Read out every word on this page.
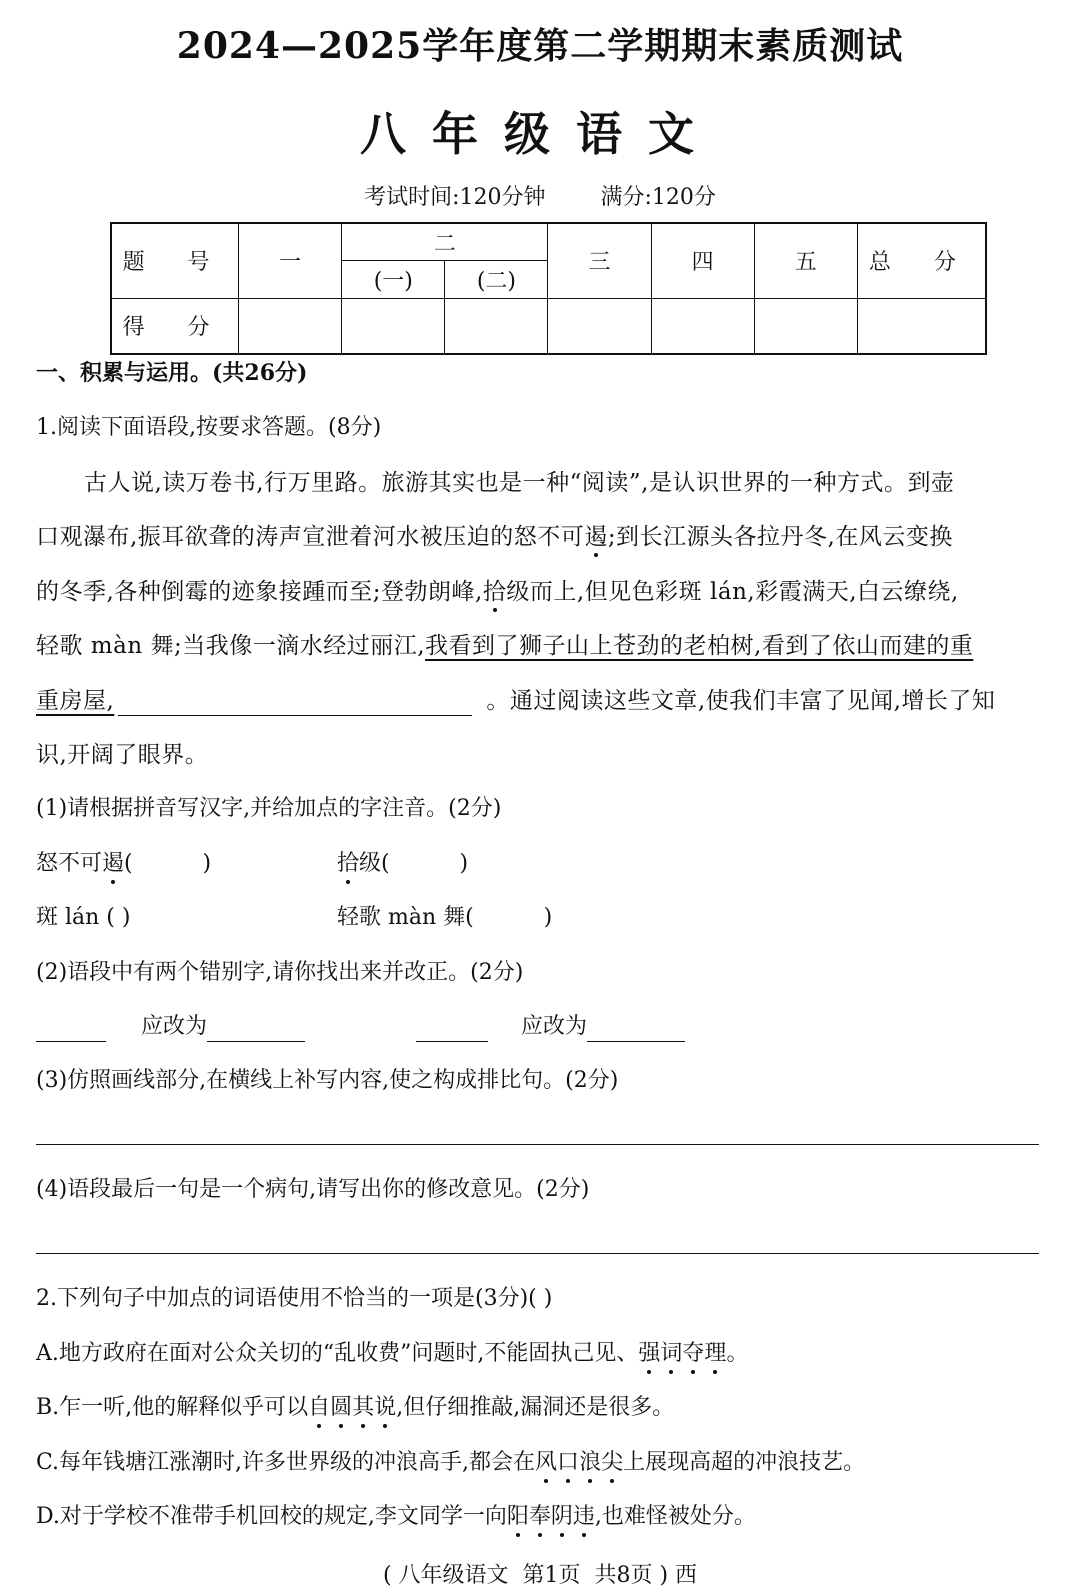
2024—2025学年度第二学期期末素质测试
八年级语文
考试时间:120分钟	满分:120分
题 号	一	二		三	四	五	总 分
		(一)	(二)				
得 分							
一、积累与运用。(共26分)
1.阅读下面语段,按要求答题。(8分)
古人说,读万卷书,行万里路。旅游其实也是一种“阅读”,是认识世界的一种方式。到壶
口观瀑布,振耳欲聋的涛声宣泄着河水被压迫的怒不可遏;到长江源头各拉丹冬,在风云变换
的冬季,各种倒霉的迹象接踵而至;登勃朗峰,拾级而上,但见色彩斑 lán,彩霞满天,白云缭绕,
轻歌 màn 舞;当我像一滴水经过丽江,我看到了狮子山上苍劲的老柏树,看到了依山而建的重
重房屋,	。通过阅读这些文章,使我们丰富了见闻,增长了知
识,开阔了眼界。
(1)请根据拼音写汉字,并给加点的字注音。(2分)
怒不可遏(          )	拾级(          )
斑 lán ( )	轻歌 màn 舞(          )
(2)语段中有两个错别字,请你找出来并改正。(2分)
应改为	应改为
(3)仿照画线部分,在横线上补写内容,使之构成排比句。(2分)
(4)语段最后一句是一个病句,请写出你的修改意见。(2分)
2.下列句子中加点的词语使用不恰当的一项是(3分)( )
A.地方政府在面对公众关切的“乱收费”问题时,不能固执己见、强词夺理。
B.乍一听,他的解释似乎可以自圆其说,但仔细推敲,漏洞还是很多。
C.每年钱塘江涨潮时,许多世界级的冲浪高手,都会在风口浪尖上展现高超的冲浪技艺。
D.对于学校不准带手机回校的规定,李文同学一向阳奉阴违,也难怪被处分。
( 八年级语文  第1页  共8页 ) 西
